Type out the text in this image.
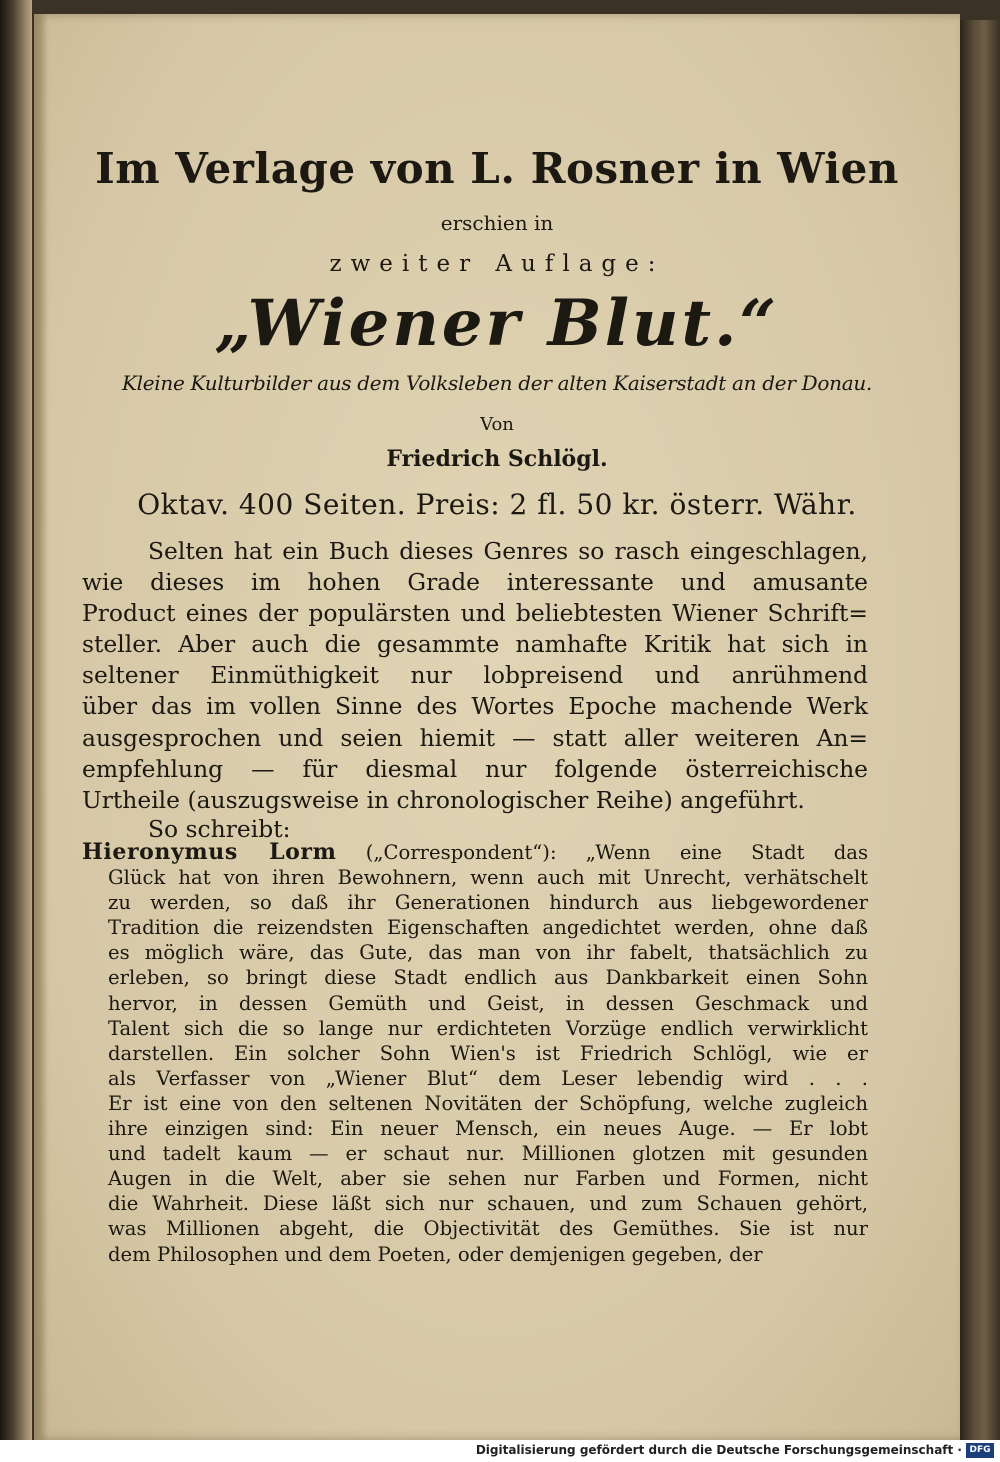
Im Verlage von L. Rosner in Wien
erschien in
zweiter Auflage:
„Wiener Blut.“
Kleine Kulturbilder aus dem Volksleben der alten Kaiserstadt an der Donau.
Von
Friedrich Schlögl.
Oktav. 400 Seiten. Preis: 2 fl. 50 kr. österr. Währ.
Selten hat ein Buch dieses Genres so rasch eingeschlagen,
wie dieses im hohen Grade interessante und amusante
Product eines der populärsten und beliebtesten Wiener Schrift=
steller. Aber auch die gesammte namhafte Kritik hat sich in
seltener Einmüthigkeit nur lobpreisend und anrühmend
über das im vollen Sinne des Wortes Epoche machende Werk
ausgesprochen und seien hiemit — statt aller weiteren An=
empfehlung — für diesmal nur folgende österreichische
Urtheile (auszugsweise in chronologischer Reihe) angeführt.
So schreibt:
Hieronymus Lorm („Correspondent“): „Wenn eine Stadt das
Glück hat von ihren Bewohnern, wenn auch mit Unrecht, verhätschelt
zu werden, so daß ihr Generationen hindurch aus liebgewordener
Tradition die reizendsten Eigenschaften angedichtet werden, ohne daß
es möglich wäre, das Gute, das man von ihr fabelt, thatsächlich zu
erleben, so bringt diese Stadt endlich aus Dankbarkeit einen Sohn
hervor, in dessen Gemüth und Geist, in dessen Geschmack und
Talent sich die so lange nur erdichteten Vorzüge endlich verwirklicht
darstellen. Ein solcher Sohn Wien's ist Friedrich Schlögl, wie er
als Verfasser von „Wiener Blut“ dem Leser lebendig wird . . .
Er ist eine von den seltenen Novitäten der Schöpfung, welche zugleich
ihre einzigen sind: Ein neuer Mensch, ein neues Auge. — Er lobt
und tadelt kaum — er schaut nur. Millionen glotzen mit gesunden
Augen in die Welt, aber sie sehen nur Farben und Formen, nicht
die Wahrheit. Diese läßt sich nur schauen, und zum Schauen gehört,
was Millionen abgeht, die Objectivität des Gemüthes. Sie ist nur
dem Philosophen und dem Poeten, oder demjenigen gegeben, der
Digitalisierung gefördert durch die Deutsche Forschungsgemeinschaft · DFG
